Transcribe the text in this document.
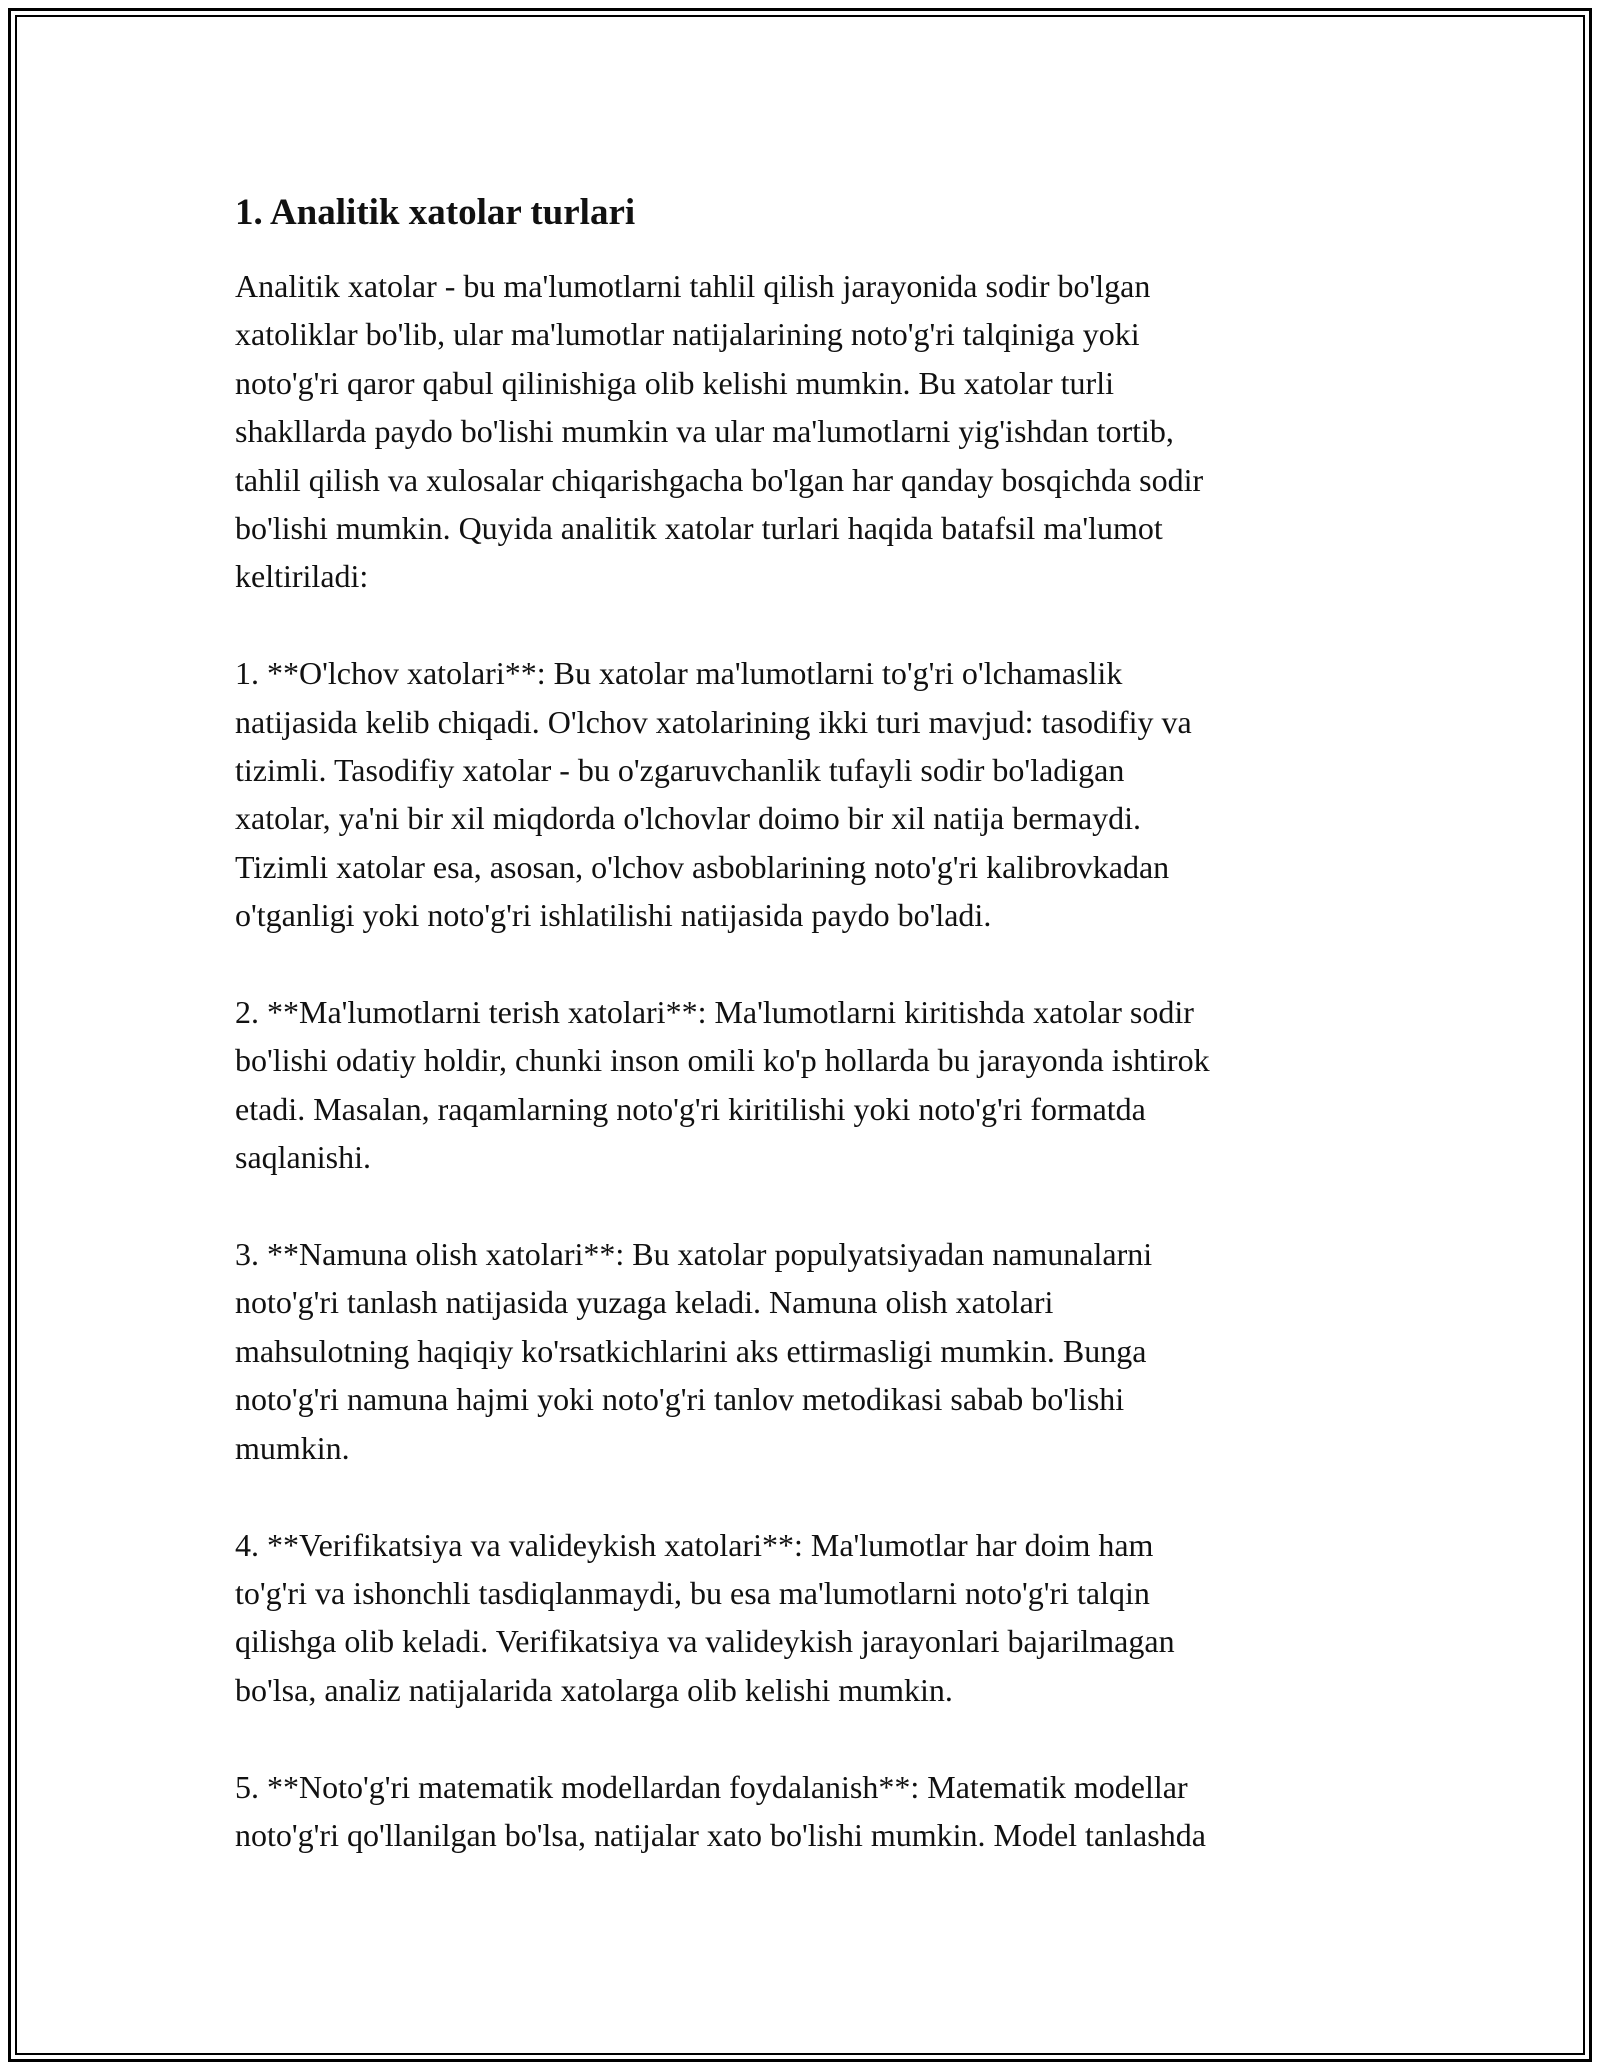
1. Analitik xatolar turlari

Analitik xatolar - bu ma'lumotlarni tahlil qilish jarayonida sodir bo'lgan
xatoliklar bo'lib, ular ma'lumotlar natijalarining noto'g'ri talqiniga yoki
noto'g'ri qaror qabul qilinishiga olib kelishi mumkin. Bu xatolar turli
shakllarda paydo bo'lishi mumkin va ular ma'lumotlarni yig'ishdan tortib,
tahlil qilish va xulosalar chiqarishgacha bo'lgan har qanday bosqichda sodir
bo'lishi mumkin. Quyida analitik xatolar turlari haqida batafsil ma'lumot
keltiriladi:

1. **O'lchov xatolari**: Bu xatolar ma'lumotlarni to'g'ri o'lchamaslik
natijasida kelib chiqadi. O'lchov xatolarining ikki turi mavjud: tasodifiy va
tizimli. Tasodifiy xatolar - bu o'zgaruvchanlik tufayli sodir bo'ladigan
xatolar, ya'ni bir xil miqdorda o'lchovlar doimo bir xil natija bermaydi.
Tizimli xatolar esa, asosan, o'lchov asboblarining noto'g'ri kalibrovkadan
o'tganligi yoki noto'g'ri ishlatilishi natijasida paydo bo'ladi.

2. **Ma'lumotlarni terish xatolari**: Ma'lumotlarni kiritishda xatolar sodir
bo'lishi odatiy holdir, chunki inson omili ko'p hollarda bu jarayonda ishtirok
etadi. Masalan, raqamlarning noto'g'ri kiritilishi yoki noto'g'ri formatda
saqlanishi.

3. **Namuna olish xatolari**: Bu xatolar populyatsiyadan namunalarni
noto'g'ri tanlash natijasida yuzaga keladi. Namuna olish xatolari
mahsulotning haqiqiy ko'rsatkichlarini aks ettirmasligi mumkin. Bunga
noto'g'ri namuna hajmi yoki noto'g'ri tanlov metodikasi sabab bo'lishi
mumkin.

4. **Verifikatsiya va valideykish xatolari**: Ma'lumotlar har doim ham
to'g'ri va ishonchli tasdiqlanmaydi, bu esa ma'lumotlarni noto'g'ri talqin
qilishga olib keladi. Verifikatsiya va valideykish jarayonlari bajarilmagan
bo'lsa, analiz natijalarida xatolarga olib kelishi mumkin.

5. **Noto'g'ri matematik modellardan foydalanish**: Matematik modellar
noto'g'ri qo'llanilgan bo'lsa, natijalar xato bo'lishi mumkin. Model tanlashda
